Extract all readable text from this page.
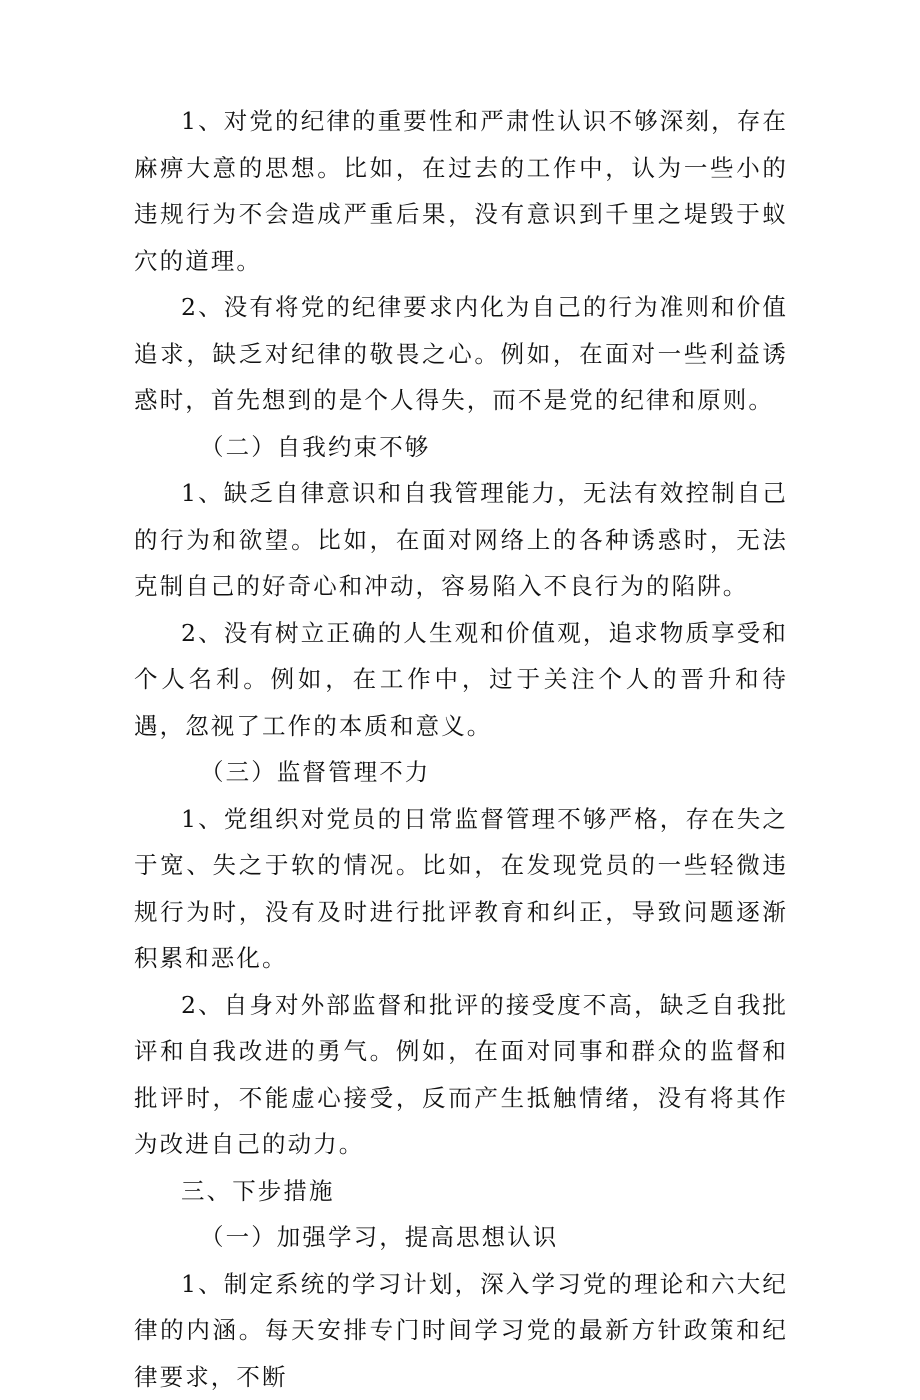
1、对党的纪律的重要性和严肃性认识不够深刻，存在麻痹大意的思想。比如，在过去的工作中，认为一些小的违规行为不会造成严重后果，没有意识到千里之堤毁于蚁穴的道理。

2、没有将党的纪律要求内化为自己的行为准则和价值追求，缺乏对纪律的敬畏之心。例如，在面对一些利益诱惑时，首先想到的是个人得失，而不是党的纪律和原则。

（二）自我约束不够

1、缺乏自律意识和自我管理能力，无法有效控制自己的行为和欲望。比如，在面对网络上的各种诱惑时，无法克制自己的好奇心和冲动，容易陷入不良行为的陷阱。

2、没有树立正确的人生观和价值观，追求物质享受和个人名利。例如，在工作中，过于关注个人的晋升和待遇，忽视了工作的本质和意义。

（三）监督管理不力

1、党组织对党员的日常监督管理不够严格，存在失之于宽、失之于软的情况。比如，在发现党员的一些轻微违规行为时，没有及时进行批评教育和纠正，导致问题逐渐积累和恶化。

2、自身对外部监督和批评的接受度不高，缺乏自我批评和自我改进的勇气。例如，在面对同事和群众的监督和批评时，不能虚心接受，反而产生抵触情绪，没有将其作为改进自己的动力。

三、下步措施

（一）加强学习，提高思想认识

1、制定系统的学习计划，深入学习党的理论和六大纪律的内涵。每天安排专门时间学习党的最新方针政策和纪律要求，不断
